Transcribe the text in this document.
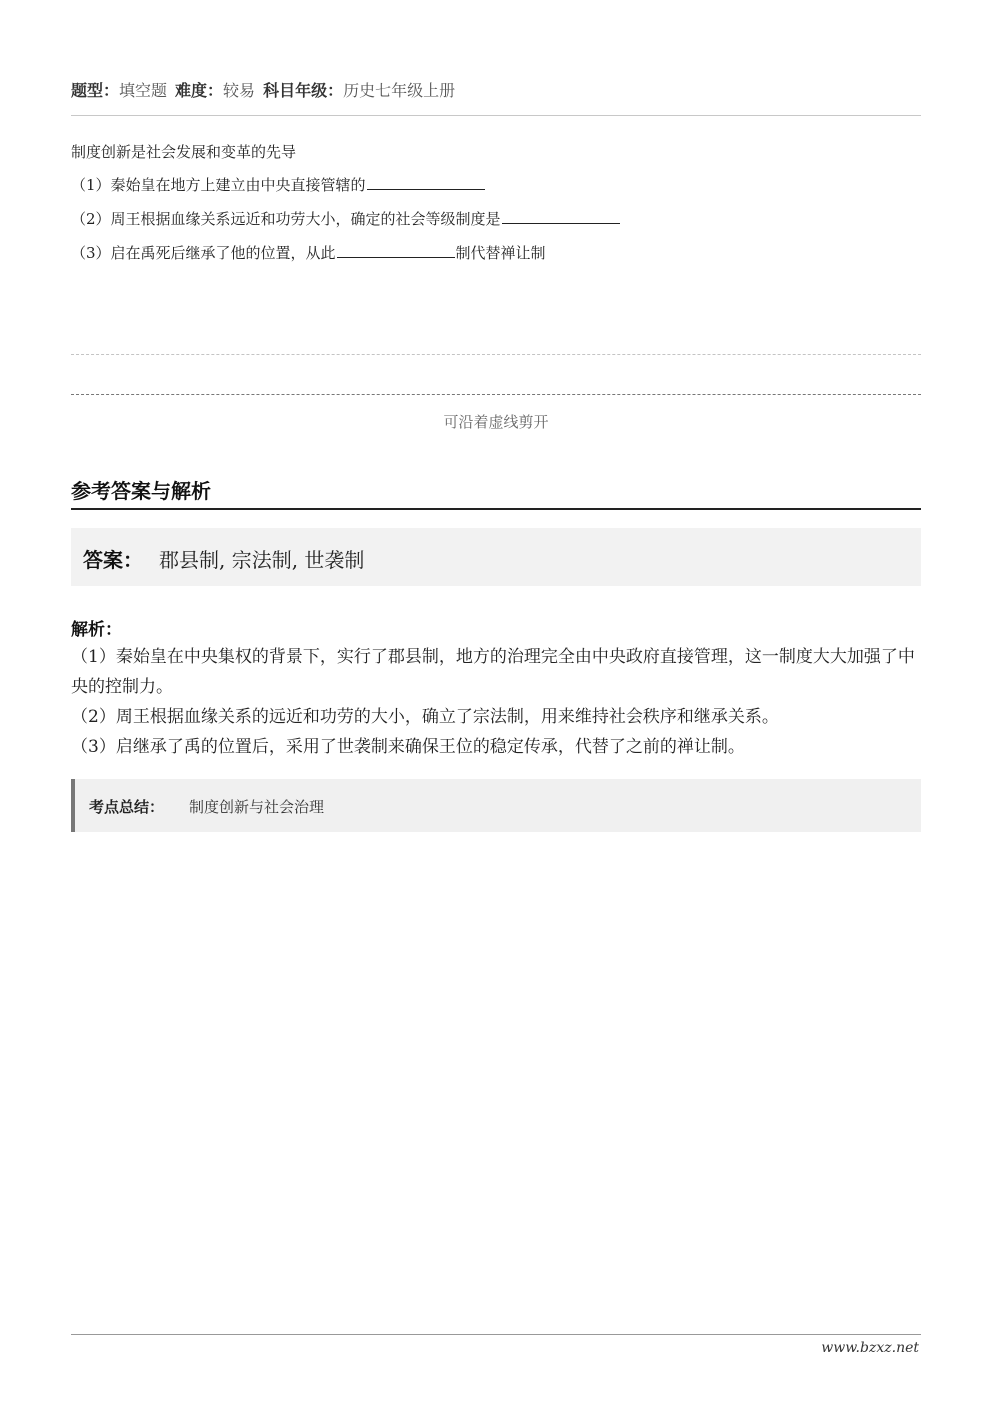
题型：填空题 难度：较易 科目年级：历史七年级上册
制度创新是社会发展和变革的先导
（1）秦始皇在地方上建立由中央直接管辖的
（2）周王根据血缘关系远近和功劳大小，确定的社会等级制度是
（3）启在禹死后继承了他的位置，从此	制代替禅让制
可沿着虚线剪开
参考答案与解析
答案： 郡县制, 宗法制, 世袭制
解析：
（1）秦始皇在中央集权的背景下，实行了郡县制，地方的治理完全由中央政府直接管理，这一制度大大加强了中央的控制力。
（2）周王根据血缘关系的远近和功劳的大小，确立了宗法制，用来维持社会秩序和继承关系。
（3）启继承了禹的位置后，采用了世袭制来确保王位的稳定传承，代替了之前的禅让制。
考点总结： 制度创新与社会治理
www.bzxz.net
